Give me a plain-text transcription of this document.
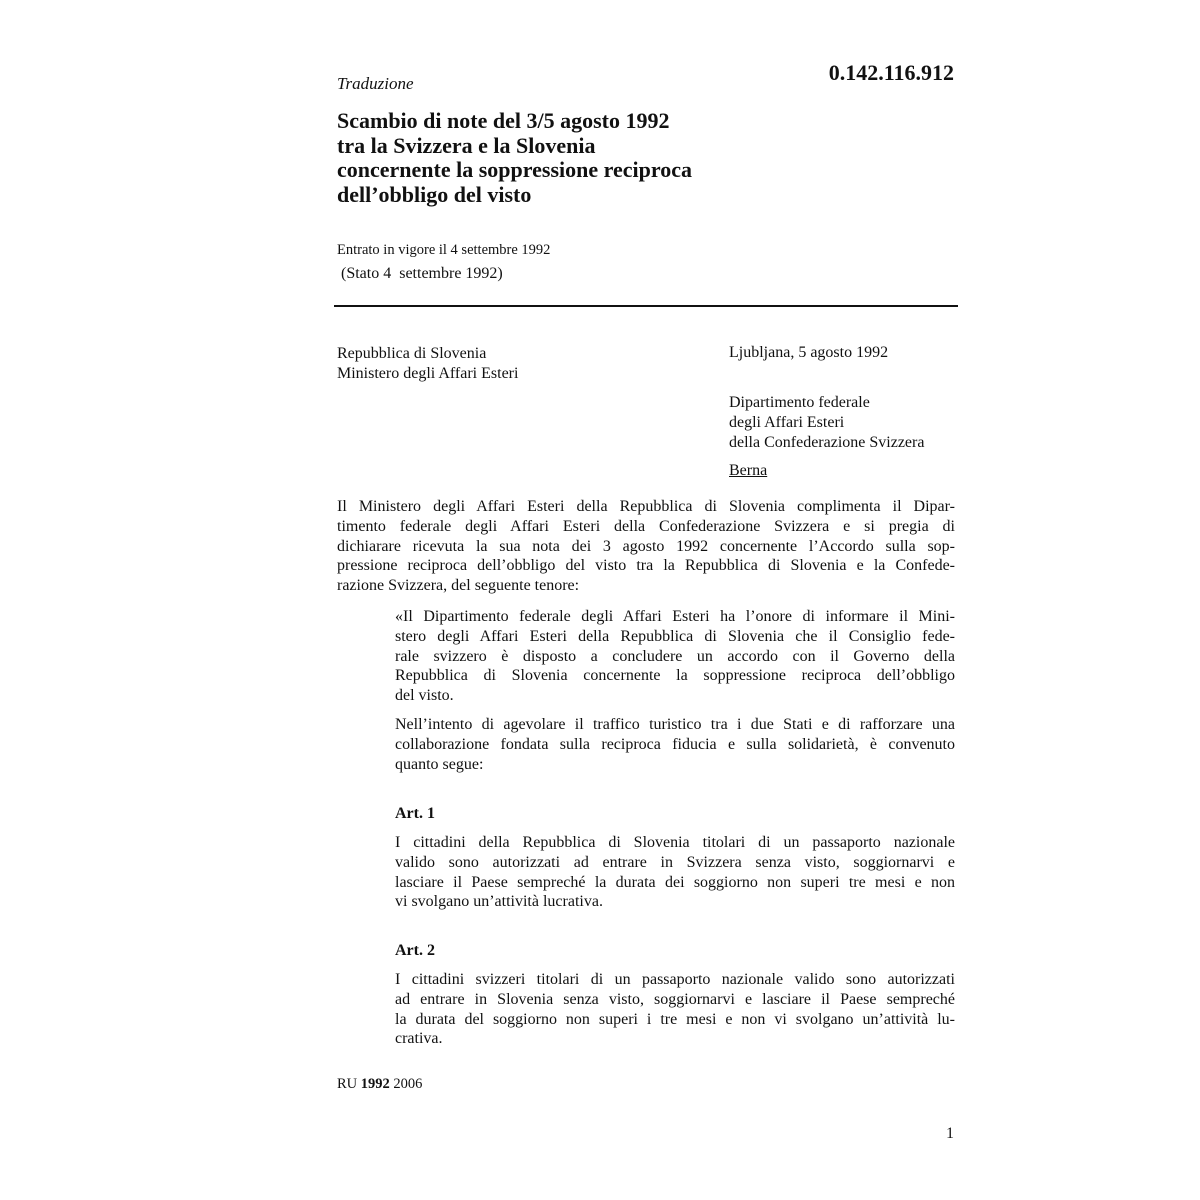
Traduzione	0.142.116.912
Scambio di note del 3/5 agosto 1992
tra la Svizzera e la Slovenia
concernente la soppressione reciproca
dell’obbligo del visto
Entrato in vigore il 4 settembre 1992
(Stato 4  settembre 1992)
Repubblica di Slovenia
Ministero degli Affari Esteri
Ljubljana, 5 agosto 1992
Dipartimento federale
degli Affari Esteri
della Confederazione Svizzera
Berna

Il Ministero degli Affari Esteri della Repubblica di Slovenia complimenta il Dipar-
timento federale degli Affari Esteri della Confederazione Svizzera e si pregia di
dichiarare ricevuta la sua nota dei 3 agosto 1992 concernente l’Accordo sulla sop-
pressione reciproca dell’obbligo del visto tra la Repubblica di Slovenia e la Confede-
razione Svizzera, del seguente tenore:

«Il Dipartimento federale degli Affari Esteri ha l’onore di informare il Mini-
stero degli Affari Esteri della Repubblica di Slovenia che il Consiglio fede-
rale svizzero è disposto a concludere un accordo con il Governo della
Repubblica di Slovenia concernente la soppressione reciproca dell’obbligo
del visto.

Nell’intento di agevolare il traffico turistico tra i due Stati e di rafforzare una
collaborazione fondata sulla reciproca fiducia e sulla solidarietà, è convenuto
quanto segue:

Art. 1

I cittadini della Repubblica di Slovenia titolari di un passaporto nazionale
valido sono autorizzati ad entrare in Svizzera senza visto, soggiornarvi e
lasciare il Paese sempreché la durata dei soggiorno non superi tre mesi e non
vi svolgano un’attività lucrativa.

Art. 2

I cittadini svizzeri titolari di un passaporto nazionale valido sono autorizzati
ad entrare in Slovenia senza visto, soggiornarvi e lasciare il Paese sempreché
la durata del soggiorno non superi i tre mesi e non vi svolgano un’attività lu-
crativa.

RU 1992 2006
1
